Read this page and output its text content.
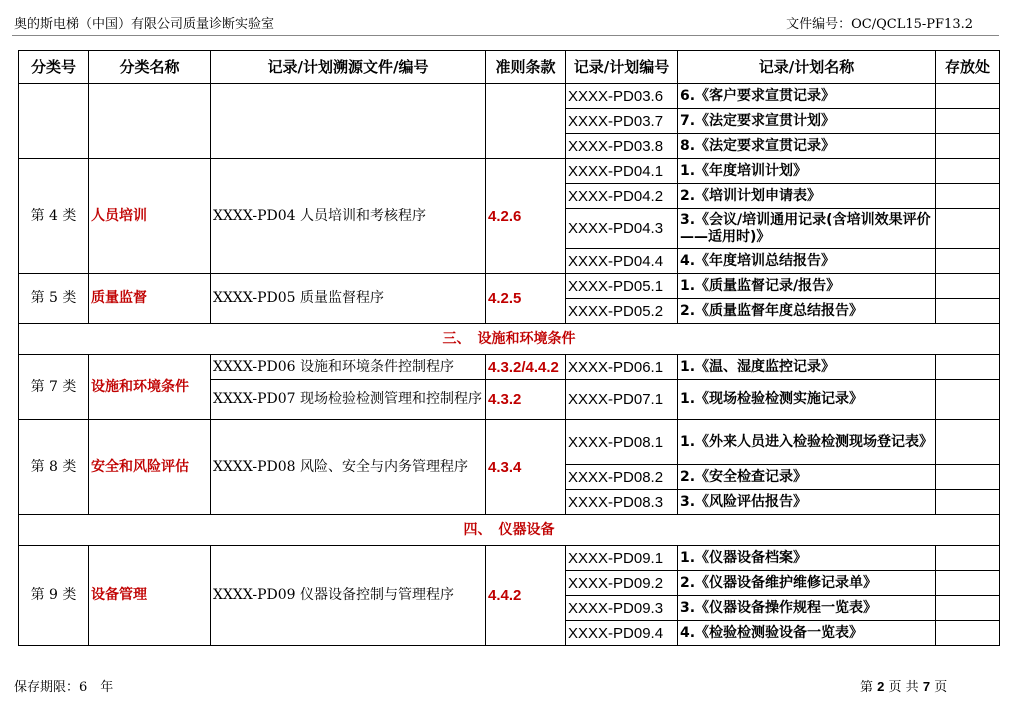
奥的斯电梯（中国）有限公司质量诊断实验室	文件编号：OC/QCL15-PF13.2
分类号	分类名称	记录/计划溯源文件/编号	准则条款	记录/计划编号	记录/计划名称	存放处
				XXXX-PD03.6	6.《客户要求宣贯记录》	
				XXXX-PD03.7	7.《法定要求宣贯计划》	
				XXXX-PD03.8	8.《法定要求宣贯记录》	
第 4 类	人员培训	XXXX-PD04 人员培训和考核程序	4.2.6	XXXX-PD04.1	1.《年度培训计划》	
				XXXX-PD04.2	2.《培训计划申请表》	
				XXXX-PD04.3	3.《会议/培训通用记录(含培训效果评价——适用时)》	
				XXXX-PD04.4	4.《年度培训总结报告》	
第 5 类	质量监督	XXXX-PD05 质量监督程序	4.2.5	XXXX-PD05.1	1.《质量监督记录/报告》	
				XXXX-PD05.2	2.《质量监督年度总结报告》	
三、　设施和环境条件						
第 7 类	设施和环境条件	XXXX-PD06 设施和环境条件控制程序	4.3.2/4.4.2	XXXX-PD06.1	1.《温、湿度监控记录》	
		XXXX-PD07 现场检验检测管理和控制程序	4.3.2	XXXX-PD07.1	1.《现场检验检测实施记录》	
第 8 类	安全和风险评估	XXXX-PD08 风险、安全与内务管理程序	4.3.4	XXXX-PD08.1	1.《外来人员进入检验检测现场登记表》	
				XXXX-PD08.2	2.《安全检查记录》	
				XXXX-PD08.3	3.《风险评估报告》	
四、　仪器设备						
第 9 类	设备管理	XXXX-PD09 仪器设备控制与管理程序	4.4.2	XXXX-PD09.1	1.《仪器设备档案》	
				XXXX-PD09.2	2.《仪器设备维护维修记录单》	
				XXXX-PD09.3	3.《仪器设备操作规程一览表》	
				XXXX-PD09.4	4.《检验检测验设备一览表》	
保存期限：6　年	第 2 页 共 7 页
